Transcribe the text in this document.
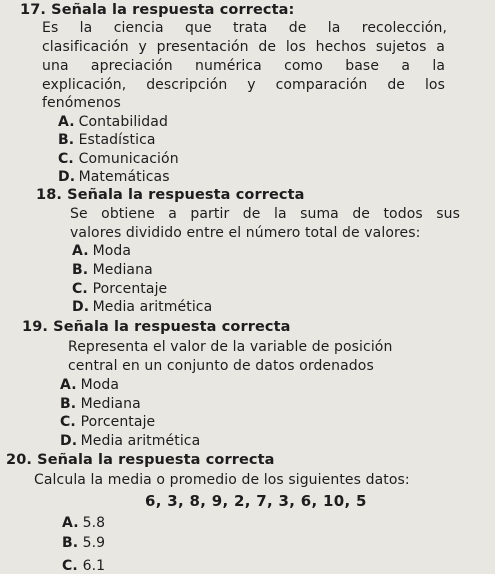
17. Señala la respuesta correcta:
Es la ciencia que trata de la recolección,
clasificación y presentación de los hechos sujetos a
una apreciación numérica como base a la
explicación, descripción y comparación de los
fenómenos
A. Contabilidad
B. Estadística
C. Comunicación
D. Matemáticas
18. Señala la respuesta correcta
Se obtiene a partir de la suma de todos sus
valores dividido entre el número total de valores:
A. Moda
B. Mediana
C. Porcentaje
D. Media aritmética
19. Señala la respuesta correcta
Representa el valor de la variable de posición
central en un conjunto de datos ordenados
A. Moda
B. Mediana
C. Porcentaje
D. Media aritmética
20. Señala la respuesta correcta
Calcula la media o promedio de los siguientes datos:
6, 3, 8, 9, 2, 7, 3, 6, 10, 5
A. 5.8
B. 5.9
C. 6.1
